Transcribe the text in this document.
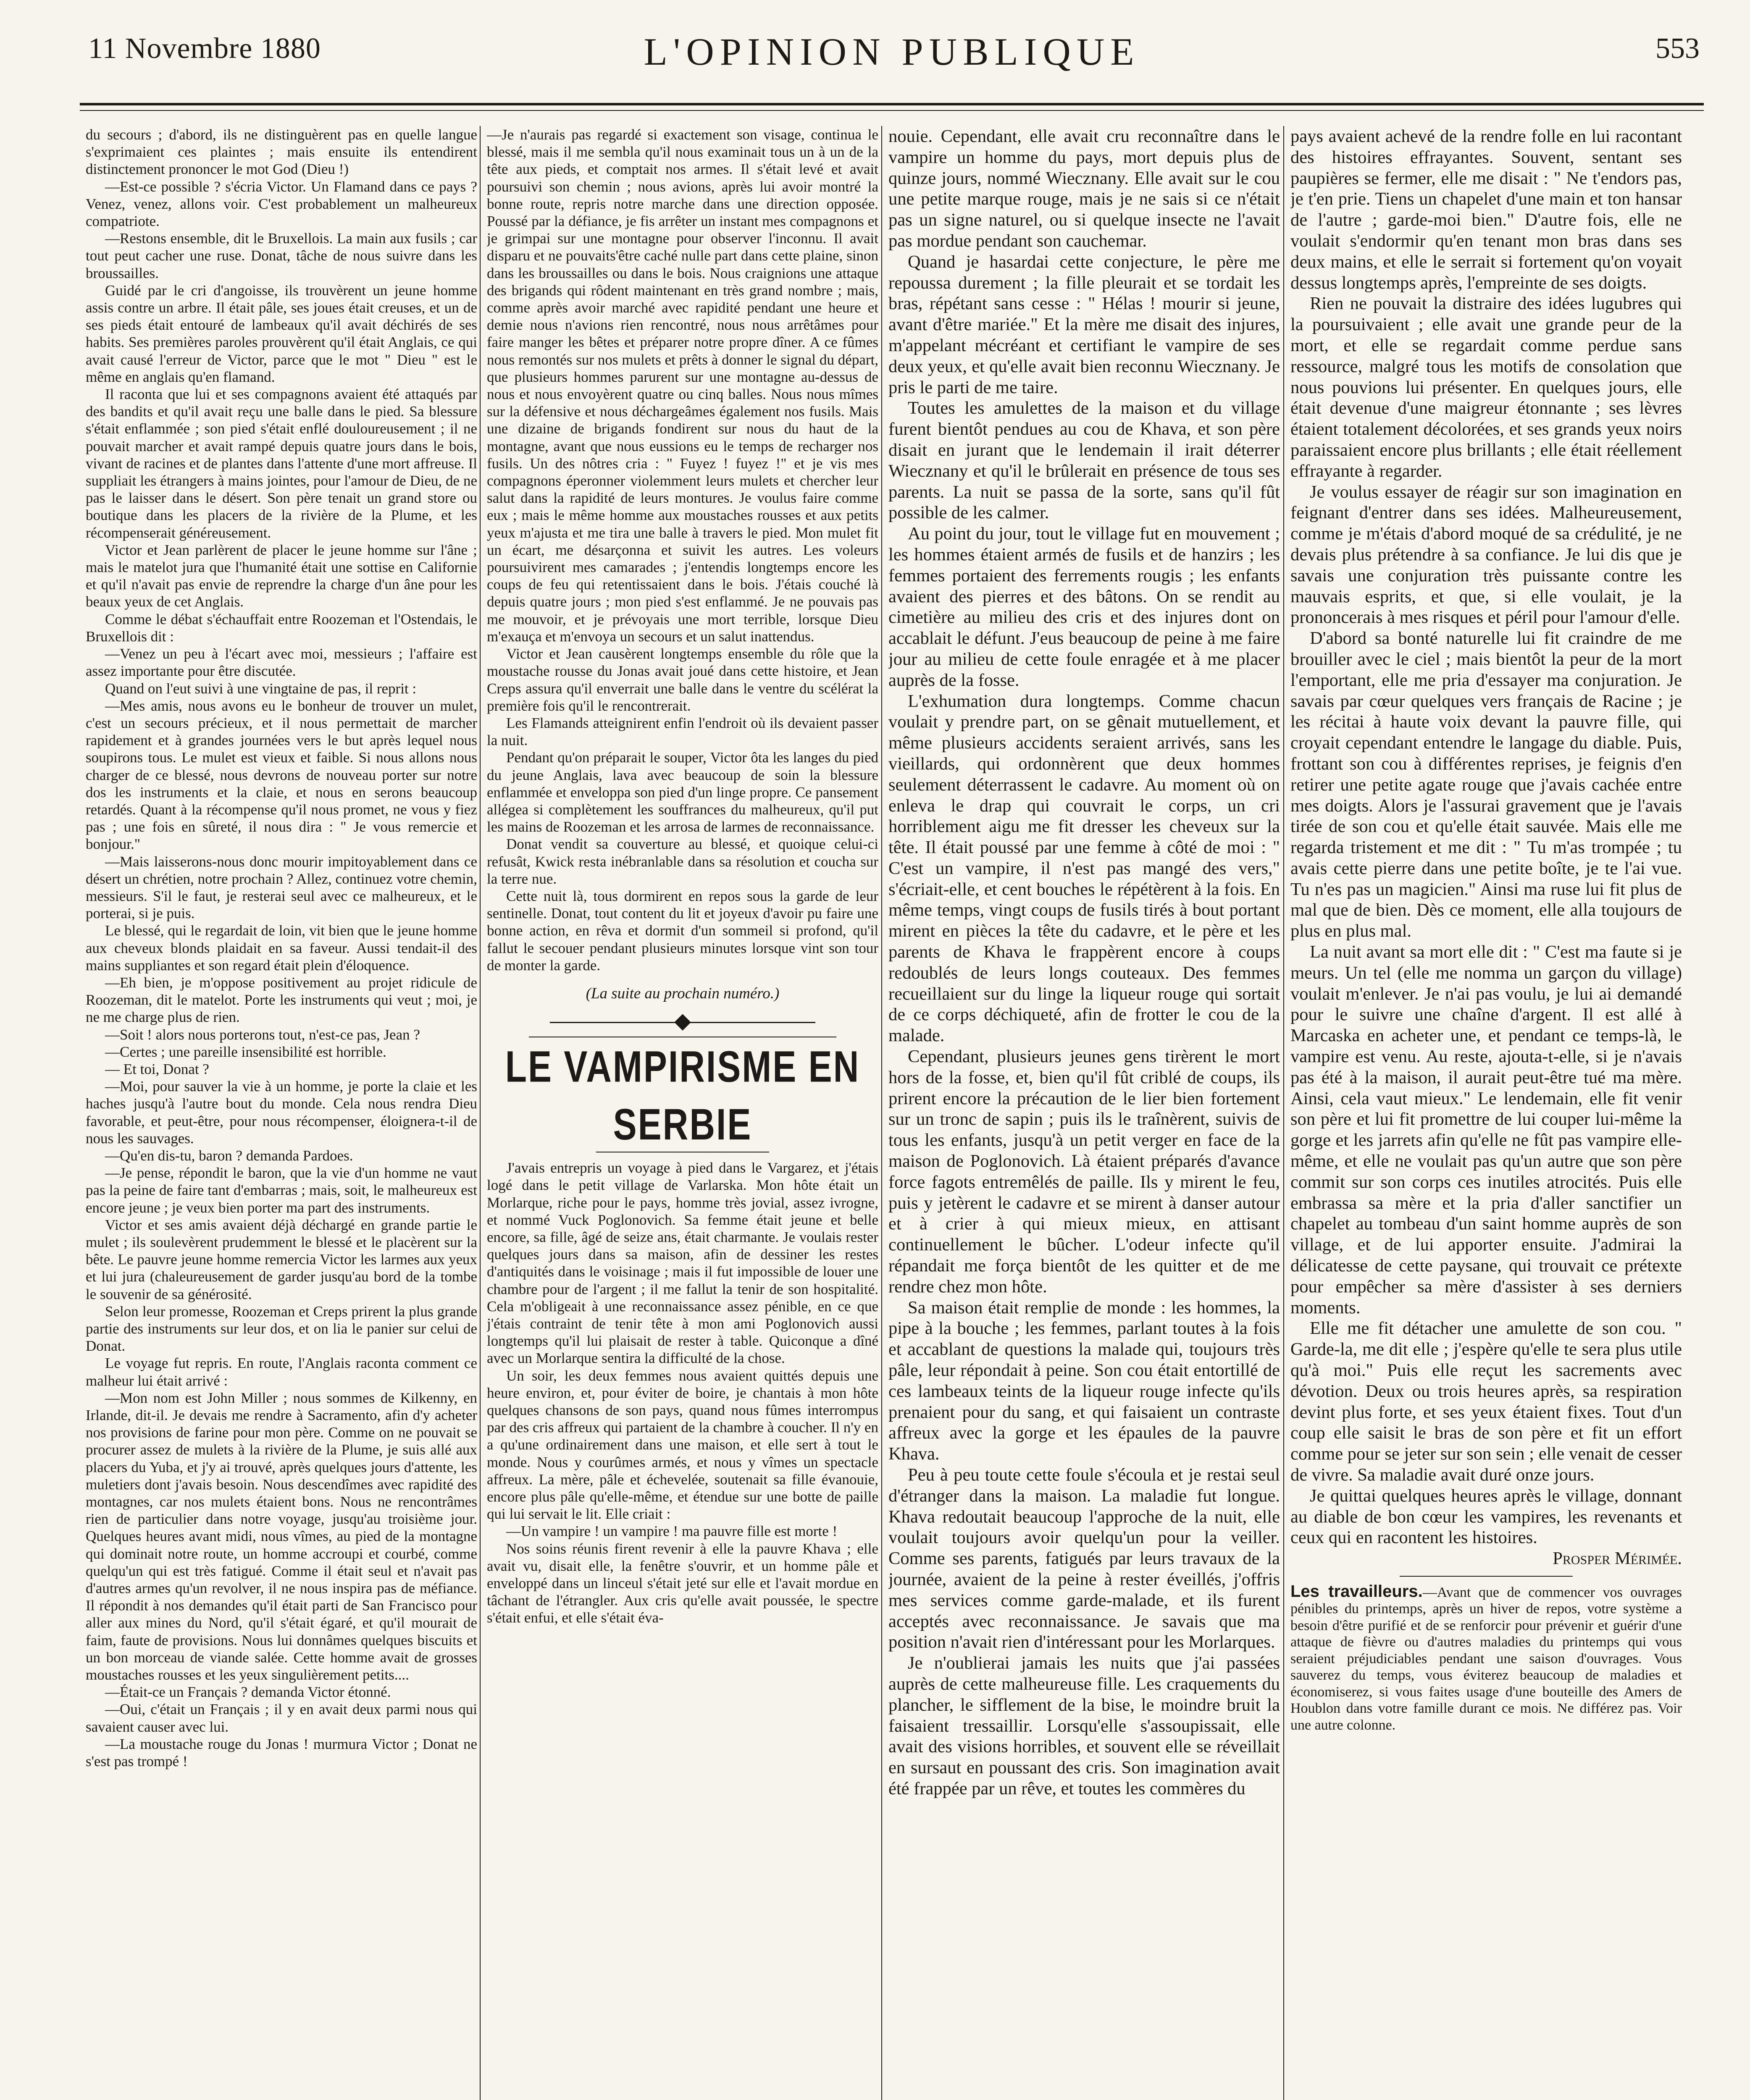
11 Novembre 1880	L'OPINION PUBLIQUE	553

du secours ; d'abord, ils ne distinguèrent pas en quelle langue s'exprimaient ces plaintes ; mais ensuite ils entendirent distinctement prononcer le mot God (Dieu !)

—Est-ce possible ? s'écria Victor. Un Flamand dans ce pays ? Venez, venez, allons voir. C'est probablement un malheureux compatriote.

—Restons ensemble, dit le Bruxellois. La main aux fusils ; car tout peut cacher une ruse. Donat, tâche de nous suivre dans les broussailles.

Guidé par le cri d'angoisse, ils trouvèrent un jeune homme assis contre un arbre. Il était pâle, ses joues était creuses, et un de ses pieds était entouré de lambeaux qu'il avait déchirés de ses habits. Ses premières paroles prouvèrent qu'il était Anglais, ce qui avait causé l'erreur de Victor, parce que le mot " Dieu " est le même en anglais qu'en flamand.

Il raconta que lui et ses compagnons avaient été attaqués par des bandits et qu'il avait reçu une balle dans le pied. Sa blessure s'était enflammée ; son pied s'était enflé douloureusement ; il ne pouvait marcher et avait rampé depuis quatre jours dans le bois, vivant de racines et de plantes dans l'attente d'une mort affreuse. Il suppliait les étrangers à mains jointes, pour l'amour de Dieu, de ne pas le laisser dans le désert. Son père tenait un grand store ou boutique dans les placers de la rivière de la Plume, et les récompenserait généreusement.

Victor et Jean parlèrent de placer le jeune homme sur l'âne ; mais le matelot jura que l'humanité était une sottise en Californie et qu'il n'avait pas envie de reprendre la charge d'un âne pour les beaux yeux de cet Anglais.

Comme le débat s'échauffait entre Roozeman et l'Ostendais, le Bruxellois dit :

—Venez un peu à l'écart avec moi, messieurs ; l'affaire est assez importante pour être discutée.

Quand on l'eut suivi à une vingtaine de pas, il reprit :

—Mes amis, nous avons eu le bonheur de trouver un mulet, c'est un secours précieux, et il nous permettait de marcher rapidement et à grandes journées vers le but après lequel nous soupirons tous. Le mulet est vieux et faible. Si nous allons nous charger de ce blessé, nous devrons de nouveau porter sur notre dos les instruments et la claie, et nous en serons beaucoup retardés. Quant à la récompense qu'il nous promet, ne vous y fiez pas ; une fois en sûreté, il nous dira : " Je vous remercie et bonjour."

—Mais laisserons-nous donc mourir impitoyablement dans ce désert un chrétien, notre prochain ? Allez, continuez votre chemin, messieurs. S'il le faut, je resterai seul avec ce malheureux, et le porterai, si je puis.

Le blessé, qui le regardait de loin, vit bien que le jeune homme aux cheveux blonds plaidait en sa faveur. Aussi tendait-il des mains suppliantes et son regard était plein d'éloquence.

—Eh bien, je m'oppose positivement au projet ridicule de Roozeman, dit le matelot. Porte les instruments qui veut ; moi, je ne me charge plus de rien.

—Soit ! alors nous porterons tout, n'est-ce pas, Jean ?

—Certes ; une pareille insensibilité est horrible.

— Et toi, Donat ?

—Moi, pour sauver la vie à un homme, je porte la claie et les haches jusqu'à l'autre bout du monde. Cela nous rendra Dieu favorable, et peut-être, pour nous récompenser, éloignera-t-il de nous les sauvages.

—Qu'en dis-tu, baron ? demanda Pardoes.

—Je pense, répondit le baron, que la vie d'un homme ne vaut pas la peine de faire tant d'embarras ; mais, soit, le malheureux est encore jeune ; je veux bien porter ma part des instruments.

Victor et ses amis avaient déjà déchargé en grande partie le mulet ; ils soulevèrent prudemment le blessé et le placèrent sur la bête. Le pauvre jeune homme remercia Victor les larmes aux yeux et lui jura (chaleureusement de garder jusqu'au bord de la tombe le souvenir de sa générosité.

Selon leur promesse, Roozeman et Creps prirent la plus grande partie des instruments sur leur dos, et on lia le panier sur celui de Donat.

Le voyage fut repris. En route, l'Anglais raconta comment ce malheur lui était arrivé :

—Mon nom est John Miller ; nous sommes de Kilkenny, en Irlande, dit-il. Je devais me rendre à Sacramento, afin d'y acheter nos provisions de farine pour mon père. Comme on ne pouvait se procurer assez de mulets à la rivière de la Plume, je suis allé aux placers du Yuba, et j'y ai trouvé, après quelques jours d'attente, les muletiers dont j'avais besoin. Nous descendîmes avec rapidité des montagnes, car nos mulets étaient bons. Nous ne rencontrâmes rien de particulier dans notre voyage, jusqu'au troisième jour. Quelques heures avant midi, nous vîmes, au pied de la montagne qui dominait notre route, un homme accroupi et courbé, comme quelqu'un qui est très fatigué. Comme il était seul et n'avait pas d'autres armes qu'un revolver, il ne nous inspira pas de méfiance. Il répondit à nos demandes qu'il était parti de San Francisco pour aller aux mines du Nord, qu'il s'était égaré, et qu'il mourait de faim, faute de provisions. Nous lui donnâmes quelques biscuits et un bon morceau de viande salée. Cette homme avait de grosses moustaches rousses et les yeux singulièrement petits....

—Était-ce un Français ? demanda Victor étonné.

—Oui, c'était un Français ; il y en avait deux parmi nous qui savaient causer avec lui.

—La moustache rouge du Jonas ! murmura Victor ; Donat ne s'est pas trompé !

—Je n'aurais pas regardé si exactement son visage, continua le blessé, mais il me sembla qu'il nous examinait tous un à un de la tête aux pieds, et comptait nos armes. Il s'était levé et avait poursuivi son chemin ; nous avions, après lui avoir montré la bonne route, repris notre marche dans une direction opposée. Poussé par la défiance, je fis arrêter un instant mes compagnons et je grimpai sur une montagne pour observer l'inconnu. Il avait disparu et ne pouvaits'être caché nulle part dans cette plaine, sinon dans les broussailles ou dans le bois. Nous craignions une attaque des brigands qui rôdent maintenant en très grand nombre ; mais, comme après avoir marché avec rapidité pendant une heure et demie nous n'avions rien rencontré, nous nous arrêtâmes pour faire manger les bêtes et préparer notre propre dîner. A ce fûmes nous remontés sur nos mulets et prêts à donner le signal du départ, que plusieurs hommes parurent sur une montagne au-dessus de nous et nous envoyèrent quatre ou cinq balles. Nous nous mîmes sur la défensive et nous déchargeâmes également nos fusils. Mais une dizaine de brigands fondirent sur nous du haut de la montagne, avant que nous eussions eu le temps de recharger nos fusils. Un des nôtres cria : " Fuyez ! fuyez !" et je vis mes compagnons éperonner violemment leurs mulets et chercher leur salut dans la rapidité de leurs montures. Je voulus faire comme eux ; mais le même homme aux moustaches rousses et aux petits yeux m'ajusta et me tira une balle à travers le pied. Mon mulet fit un écart, me désarçonna et suivit les autres. Les voleurs poursuivirent mes camarades ; j'entendis longtemps encore les coups de feu qui retentissaient dans le bois. J'étais couché là depuis quatre jours ; mon pied s'est enflammé. Je ne pouvais pas me mouvoir, et je prévoyais une mort terrible, lorsque Dieu m'exauça et m'envoya un secours et un salut inattendus.

Victor et Jean causèrent longtemps ensemble du rôle que la moustache rousse du Jonas avait joué dans cette histoire, et Jean Creps assura qu'il enverrait une balle dans le ventre du scélérat la première fois qu'il le rencontrerait.

Les Flamands atteignirent enfin l'endroit où ils devaient passer la nuit.

Pendant qu'on préparait le souper, Victor ôta les langes du pied du jeune Anglais, lava avec beaucoup de soin la blessure enflammée et enveloppa son pied d'un linge propre. Ce pansement allégea si complètement les souffrances du malheureux, qu'il put les mains de Roozeman et les arrosa de larmes de reconnaissance.

Donat vendit sa couverture au blessé, et quoique celui-ci refusât, Kwick resta inébranlable dans sa résolution et coucha sur la terre nue.

Cette nuit là, tous dormirent en repos sous la garde de leur sentinelle. Donat, tout content du lit et joyeux d'avoir pu faire une bonne action, en rêva et dormit d'un sommeil si profond, qu'il fallut le secouer pendant plusieurs minutes lorsque vint son tour de monter la garde.

(La suite au prochain numéro.)

LE VAMPIRISME EN SERBIE

J'avais entrepris un voyage à pied dans le Vargarez, et j'étais logé dans le petit village de Varlarska. Mon hôte était un Morlarque, riche pour le pays, homme très jovial, assez ivrogne, et nommé Vuck Poglonovich. Sa femme était jeune et belle encore, sa fille, âgé de seize ans, était charmante. Je voulais rester quelques jours dans sa maison, afin de dessiner les restes d'antiquités dans le voisinage ; mais il fut impossible de louer une chambre pour de l'argent ; il me fallut la tenir de son hospitalité. Cela m'obligeait à une reconnaissance assez pénible, en ce que j'étais contraint de tenir tête à mon ami Poglonovich aussi longtemps qu'il lui plaisait de rester à table. Quiconque a dîné avec un Morlarque sentira la difficulté de la chose.

Un soir, les deux femmes nous avaient quittés depuis une heure environ, et, pour éviter de boire, je chantais à mon hôte quelques chansons de son pays, quand nous fûmes interrompus par des cris affreux qui partaient de la chambre à coucher. Il n'y en a qu'une ordinairement dans une maison, et elle sert à tout le monde. Nous y courûmes armés, et nous y vîmes un spectacle affreux. La mère, pâle et échevelée, soutenait sa fille évanouie, encore plus pâle qu'elle-même, et étendue sur une botte de paille qui lui servait le lit. Elle criait :

—Un vampire ! un vampire ! ma pauvre fille est morte !

Nos soins réunis firent revenir à elle la pauvre Khava ; elle avait vu, disait elle, la fenêtre s'ouvrir, et un homme pâle et enveloppé dans un linceul s'était jeté sur elle et l'avait mordue en tâchant de l'étrangler. Aux cris qu'elle avait poussée, le spectre s'était enfui, et elle s'était éva-

nouie. Cependant, elle avait cru reconnaître dans le vampire un homme du pays, mort depuis plus de quinze jours, nommé Wiecznany. Elle avait sur le cou une petite marque rouge, mais je ne sais si ce n'était pas un signe naturel, ou si quelque insecte ne l'avait pas mordue pendant son cauchemar.

Quand je hasardai cette conjecture, le père me repoussa durement ; la fille pleurait et se tordait les bras, répétant sans cesse : " Hélas ! mourir si jeune, avant d'être mariée." Et la mère me disait des injures, m'appelant mécréant et certifiant le vampire de ses deux yeux, et qu'elle avait bien reconnu Wiecznany. Je pris le parti de me taire.

Toutes les amulettes de la maison et du village furent bientôt pendues au cou de Khava, et son père disait en jurant que le lendemain il irait déterrer Wiecznany et qu'il le brûlerait en présence de tous ses parents. La nuit se passa de la sorte, sans qu'il fût possible de les calmer.

Au point du jour, tout le village fut en mouvement ; les hommes étaient armés de fusils et de hanzirs ; les femmes portaient des ferrements rougis ; les enfants avaient des pierres et des bâtons. On se rendit au cimetière au milieu des cris et des injures dont on accablait le défunt. J'eus beaucoup de peine à me faire jour au milieu de cette foule enragée et à me placer auprès de la fosse.

L'exhumation dura longtemps. Comme chacun voulait y prendre part, on se gênait mutuellement, et même plusieurs accidents seraient arrivés, sans les vieillards, qui ordonnèrent que deux hommes seulement déterrassent le cadavre. Au moment où on enleva le drap qui couvrait le corps, un cri horriblement aigu me fit dresser les cheveux sur la tête. Il était poussé par une femme à côté de moi : " C'est un vampire, il n'est pas mangé des vers," s'écriait-elle, et cent bouches le répétèrent à la fois. En même temps, vingt coups de fusils tirés à bout portant mirent en pièces la tête du cadavre, et le père et les parents de Khava le frappèrent encore à coups redoublés de leurs longs couteaux. Des femmes recueillaient sur du linge la liqueur rouge qui sortait de ce corps déchiqueté, afin de frotter le cou de la malade.

Cependant, plusieurs jeunes gens tirèrent le mort hors de la fosse, et, bien qu'il fût criblé de coups, ils prirent encore la précaution de le lier bien fortement sur un tronc de sapin ; puis ils le traînèrent, suivis de tous les enfants, jusqu'à un petit verger en face de la maison de Poglonovich. Là étaient préparés d'avance force fagots entremêlés de paille. Ils y mirent le feu, puis y jetèrent le cadavre et se mirent à danser autour et à crier à qui mieux mieux, en attisant continuellement le bûcher. L'odeur infecte qu'il répandait me força bientôt de les quitter et de me rendre chez mon hôte.

Sa maison était remplie de monde : les hommes, la pipe à la bouche ; les femmes, parlant toutes à la fois et accablant de questions la malade qui, toujours très pâle, leur répondait à peine. Son cou était entortillé de ces lambeaux teints de la liqueur rouge infecte qu'ils prenaient pour du sang, et qui faisaient un contraste affreux avec la gorge et les épaules de la pauvre Khava.

Peu à peu toute cette foule s'écoula et je restai seul d'étranger dans la maison. La maladie fut longue. Khava redoutait beaucoup l'approche de la nuit, elle voulait toujours avoir quelqu'un pour la veiller. Comme ses parents, fatigués par leurs travaux de la journée, avaient de la peine à rester éveillés, j'offris mes services comme garde-malade, et ils furent acceptés avec reconnaissance. Je savais que ma position n'avait rien d'intéressant pour les Morlarques.

Je n'oublierai jamais les nuits que j'ai passées auprès de cette malheureuse fille. Les craquements du plancher, le sifflement de la bise, le moindre bruit la faisaient tressaillir. Lorsqu'elle s'assoupissait, elle avait des visions horribles, et souvent elle se réveillait en sursaut en poussant des cris. Son imagination avait été frappée par un rêve, et toutes les commères du

pays avaient achevé de la rendre folle en lui racontant des histoires effrayantes. Souvent, sentant ses paupières se fermer, elle me disait : " Ne t'endors pas, je t'en prie. Tiens un chapelet d'une main et ton hansar de l'autre ; garde-moi bien." D'autre fois, elle ne voulait s'endormir qu'en tenant mon bras dans ses deux mains, et elle le serrait si fortement qu'on voyait dessus longtemps après, l'empreinte de ses doigts.

Rien ne pouvait la distraire des idées lugubres qui la poursuivaient ; elle avait une grande peur de la mort, et elle se regardait comme perdue sans ressource, malgré tous les motifs de consolation que nous pouvions lui présenter. En quelques jours, elle était devenue d'une maigreur étonnante ; ses lèvres étaient totalement décolorées, et ses grands yeux noirs paraissaient encore plus brillants ; elle était réellement effrayante à regarder.

Je voulus essayer de réagir sur son imagination en feignant d'entrer dans ses idées. Malheureusement, comme je m'étais d'abord moqué de sa crédulité, je ne devais plus prétendre à sa confiance. Je lui dis que je savais une conjuration très puissante contre les mauvais esprits, et que, si elle voulait, je la prononcerais à mes risques et péril pour l'amour d'elle.

D'abord sa bonté naturelle lui fit craindre de me brouiller avec le ciel ; mais bientôt la peur de la mort l'emportant, elle me pria d'essayer ma conjuration. Je savais par cœur quelques vers français de Racine ; je les récitai à haute voix devant la pauvre fille, qui croyait cependant entendre le langage du diable. Puis, frottant son cou à différentes reprises, je feignis d'en retirer une petite agate rouge que j'avais cachée entre mes doigts. Alors je l'assurai gravement que je l'avais tirée de son cou et qu'elle était sauvée. Mais elle me regarda tristement et me dit : " Tu m'as trompée ; tu avais cette pierre dans une petite boîte, je te l'ai vue. Tu n'es pas un magicien." Ainsi ma ruse lui fit plus de mal que de bien. Dès ce moment, elle alla toujours de plus en plus mal.

La nuit avant sa mort elle dit : " C'est ma faute si je meurs. Un tel (elle me nomma un garçon du village) voulait m'enlever. Je n'ai pas voulu, je lui ai demandé pour le suivre une chaîne d'argent. Il est allé à Marcaska en acheter une, et pendant ce temps-là, le vampire est venu. Au reste, ajouta-t-elle, si je n'avais pas été à la maison, il aurait peut-être tué ma mère. Ainsi, cela vaut mieux." Le lendemain, elle fit venir son père et lui fit promettre de lui couper lui-même la gorge et les jarrets afin qu'elle ne fût pas vampire elle-même, et elle ne voulait pas qu'un autre que son père commit sur son corps ces inutiles atrocités. Puis elle embrassa sa mère et la pria d'aller sanctifier un chapelet au tombeau d'un saint homme auprès de son village, et de lui apporter ensuite. J'admirai la délicatesse de cette paysane, qui trouvait ce prétexte pour empêcher sa mère d'assister à ses derniers moments.

Elle me fit détacher une amulette de son cou. " Garde-la, me dit elle ; j'espère qu'elle te sera plus utile qu'à moi." Puis elle reçut les sacrements avec dévotion. Deux ou trois heures après, sa respiration devint plus forte, et ses yeux étaient fixes. Tout d'un coup elle saisit le bras de son père et fit un effort comme pour se jeter sur son sein ; elle venait de cesser de vivre. Sa maladie avait duré onze jours.

Je quittai quelques heures après le village, donnant au diable de bon cœur les vampires, les revenants et ceux qui en racontent les histoires.

Prosper Mérimée.

Les travailleurs.—Avant que de commencer vos ouvrages pénibles du printemps, après un hiver de repos, votre système a besoin d'être purifié et de se renforcir pour prévenir et guérir d'une attaque de fièvre ou d'autres maladies du printemps qui vous seraient préjudiciables pendant une saison d'ouvrages. Vous sauverez du temps, vous éviterez beaucoup de maladies et économiserez, si vous faites usage d'une bouteille des Amers de Houblon dans votre famille durant ce mois. Ne différez pas. Voir une autre colonne.
